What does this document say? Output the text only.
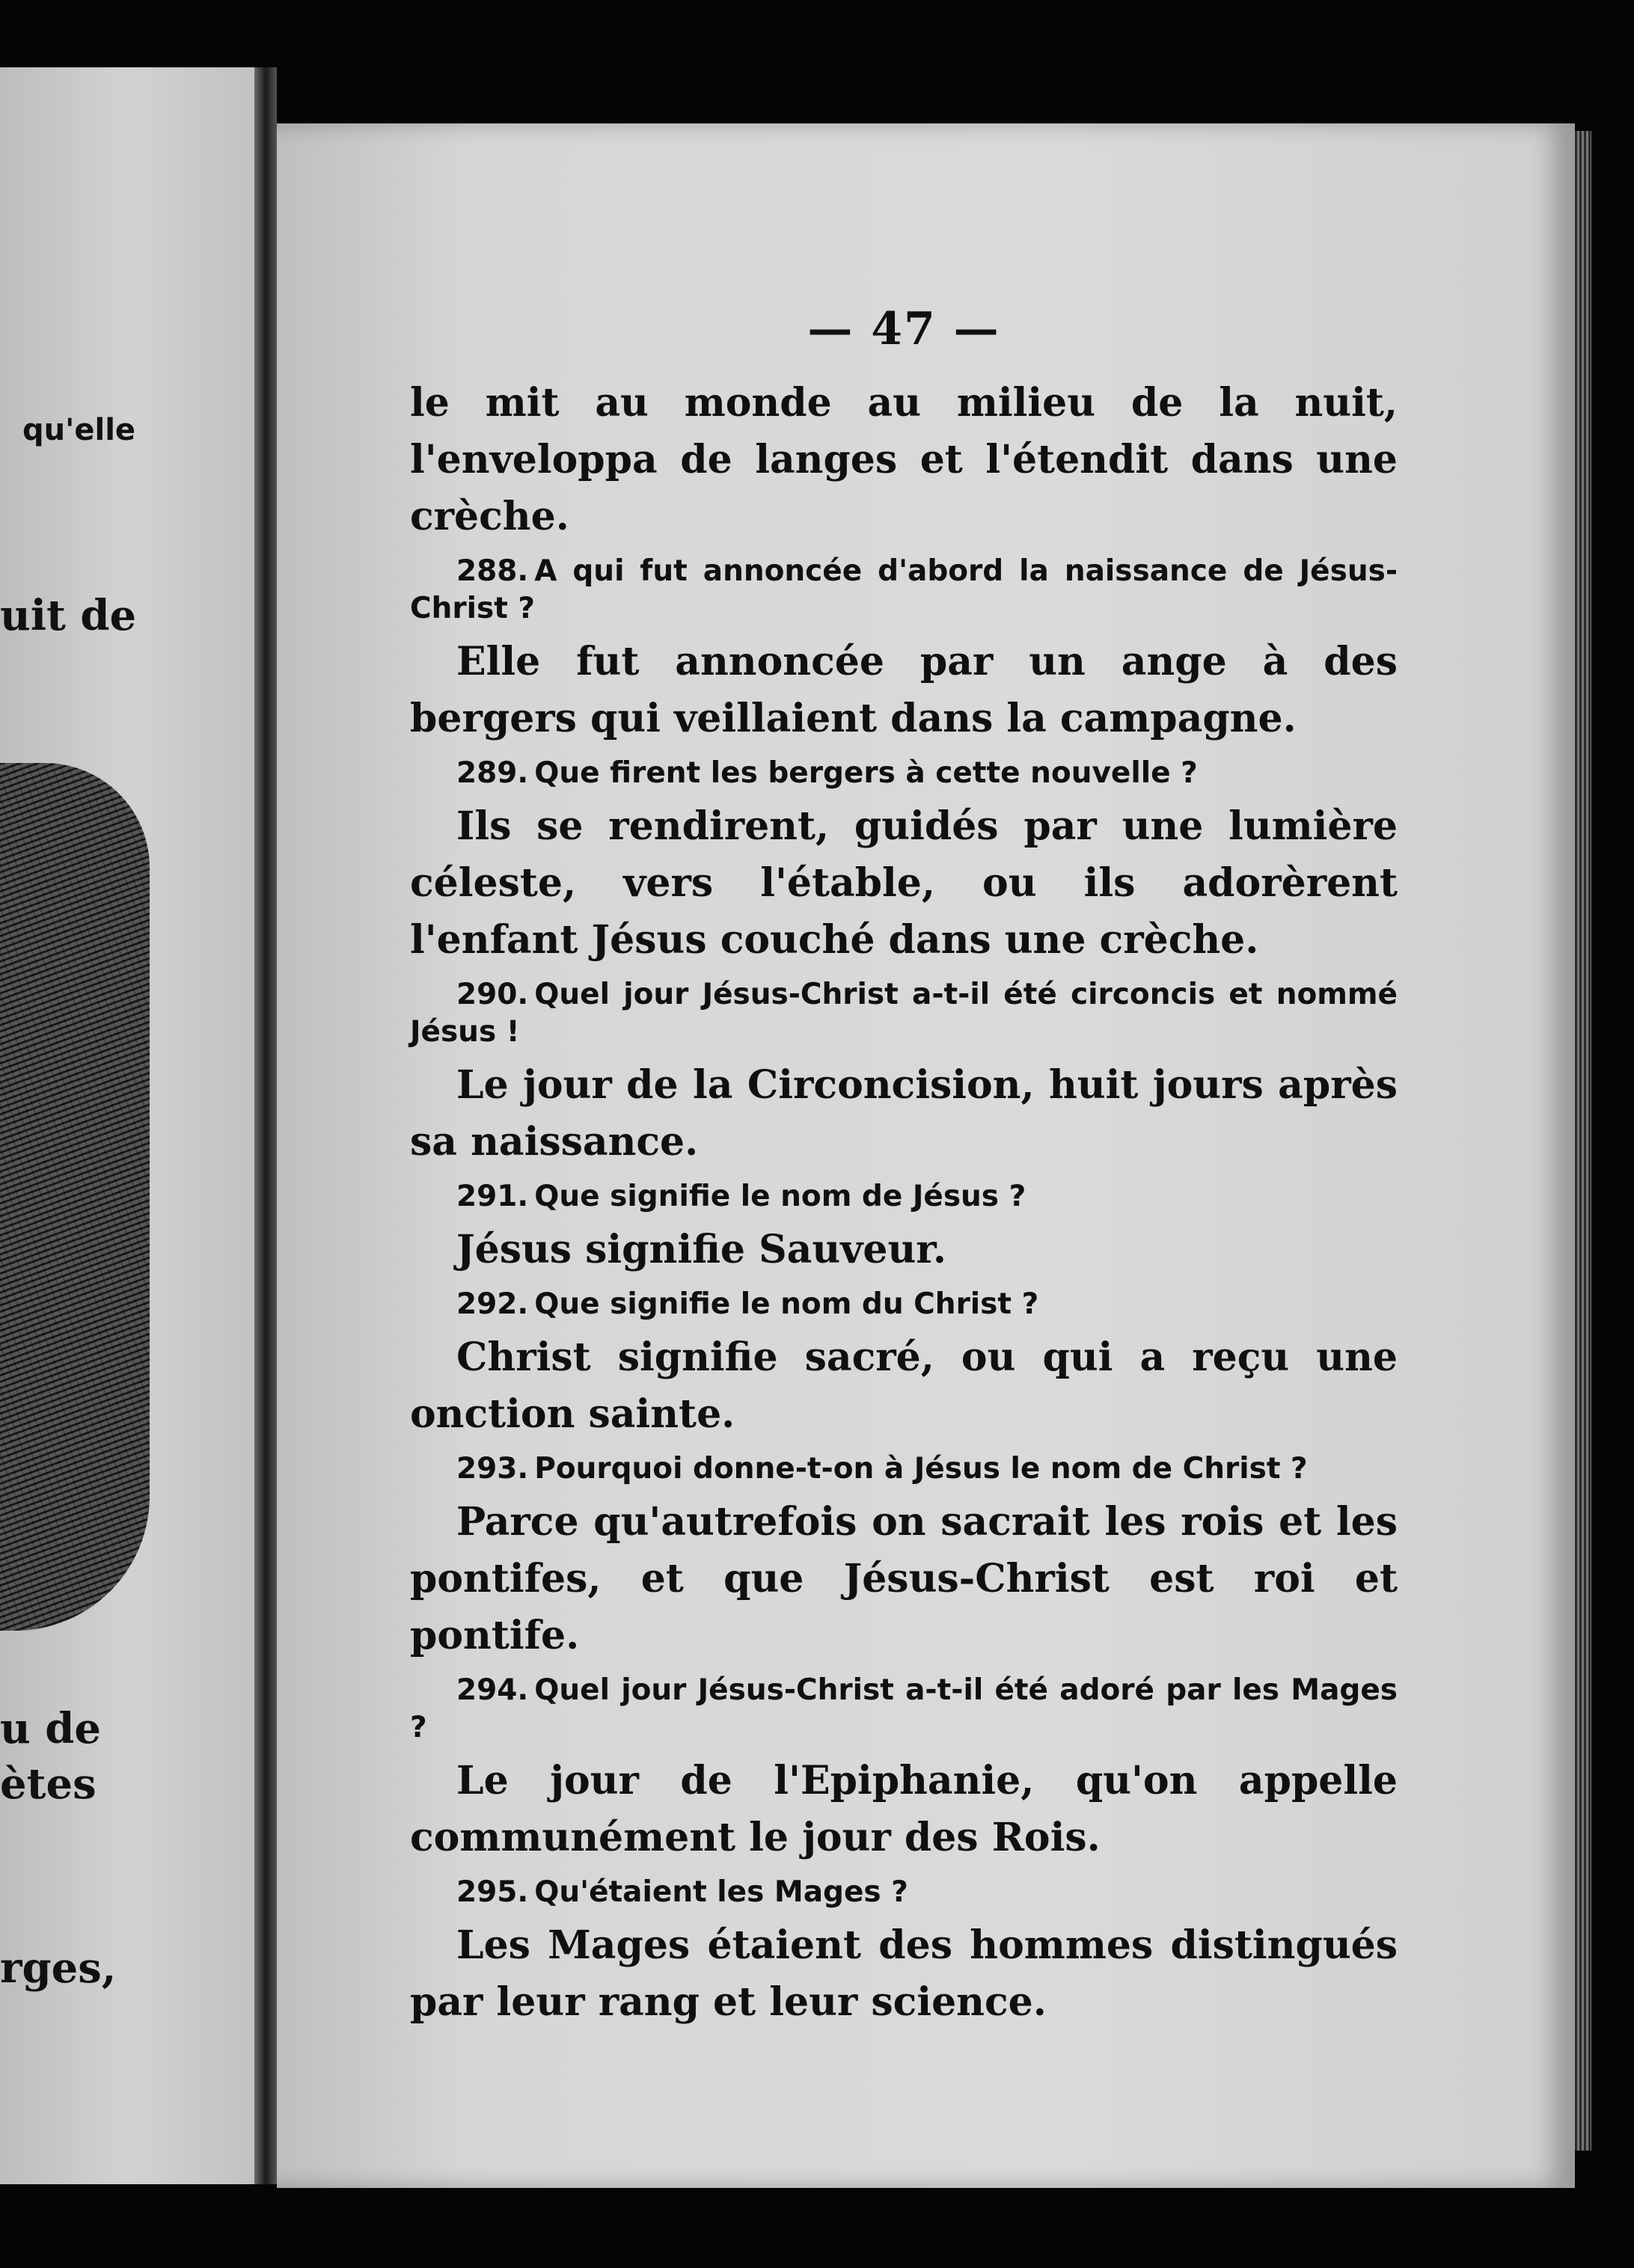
qu'elle
uit de
u de
ètes
rges,
— 47 —

le mit au monde au milieu de la nuit, l'enveloppa de langes et l'étendit dans une crèche.

288. A qui fut annoncée d'abord la naissance de Jésus-Christ ?

Elle fut annoncée par un ange à des bergers qui veillaient dans la campagne.

289. Que firent les bergers à cette nouvelle ?

Ils se rendirent, guidés par une lumière céleste, vers l'étable, ou ils adorèrent l'enfant Jésus couché dans une crèche.

290. Quel jour Jésus-Christ a-t-il été circoncis et nommé Jésus !

Le jour de la Circoncision, huit jours après sa naissance.

291. Que signifie le nom de Jésus ?

Jésus signifie Sauveur.

292. Que signifie le nom du Christ ?

Christ signifie sacré, ou qui a reçu une onction sainte.

293. Pourquoi donne-t-on à Jésus le nom de Christ ?

Parce qu'autrefois on sacrait les rois et les pontifes, et que Jésus-Christ est roi et pontife.

294. Quel jour Jésus-Christ a-t-il été adoré par les Mages ?

Le jour de l'Epiphanie, qu'on appelle communément le jour des Rois.

295. Qu'étaient les Mages ?

Les Mages étaient des hommes distingués par leur rang et leur science.
